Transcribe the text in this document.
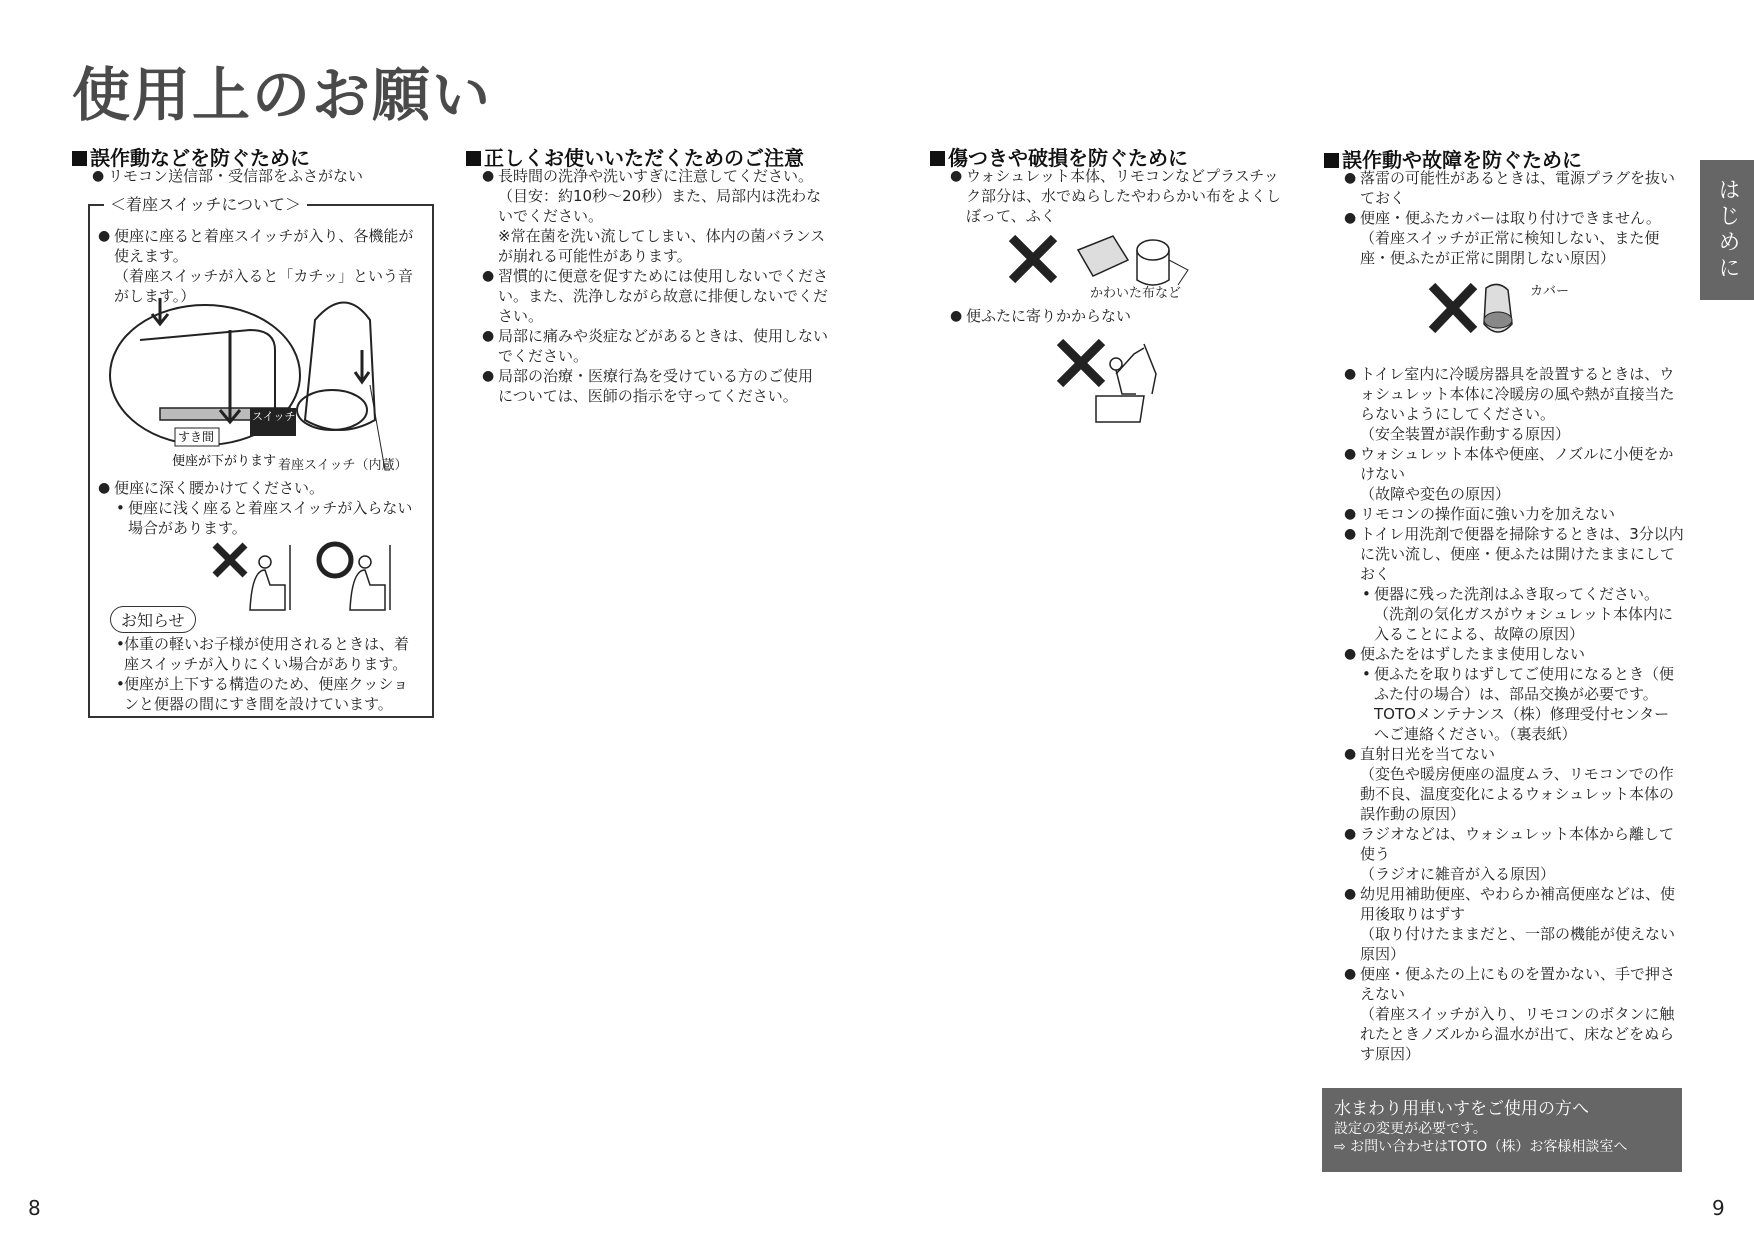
使用上のお願い
誤作動などを防ぐために

● リモコン送信部・受信部をふさがない

＜着座スイッチについて＞

● 便座に座ると着座スイッチが入り、各機能が使えます。

（着座スイッチが入ると「カチッ」という音がします。）

スイッチON
すき間
便座が下がります 着座スイッチ（内蔵）

● 便座に深く腰かけてください。

• 便座に浅く座ると着座スイッチが入らない場合があります。

お知らせ

• 体重の軽いお子様が使用されるときは、着座スイッチが入りにくい場合があります。

• 便座が上下する構造のため、便座クッションと便器の間にすき間を設けています。

正しくお使いいただくためのご注意

● 長時間の洗浄や洗いすぎに注意してください。

（目安：約10秒〜20秒）また、局部内は洗わないでください。

※常在菌を洗い流してしまい、体内の菌バランスが崩れる可能性があります。

● 習慣的に便意を促すためには使用しないでください。また、洗浄しながら故意に排便しないでください。

● 局部に痛みや炎症などがあるときは、使用しないでください。

● 局部の治療・医療行為を受けている方のご使用については、医師の指示を守ってください。

傷つきや破損を防ぐために

● ウォシュレット本体、リモコンなどプラスチック部分は、水でぬらしたやわらかい布をよくしぼって、ふく

かわいた布など

● 便ふたに寄りかからない

誤作動や故障を防ぐために

● 落雷の可能性があるときは、電源プラグを抜いておく

● 便座・便ふたカバーは取り付けできません。

（着座スイッチが正常に検知しない、また便座・便ふたが正常に開閉しない原因）

カバー

● トイレ室内に冷暖房器具を設置するときは、ウォシュレット本体に冷暖房の風や熱が直接当たらないようにしてください。

（安全装置が誤作動する原因）

● ウォシュレット本体や便座、ノズルに小便をかけない

（故障や変色の原因）

● リモコンの操作面に強い力を加えない

● トイレ用洗剤で便器を掃除するときは、3分以内に洗い流し、便座・便ふたは開けたままにしておく

• 便器に残った洗剤はふき取ってください。

（洗剤の気化ガスがウォシュレット本体内に入ることによる、故障の原因）

● 便ふたをはずしたまま使用しない

• 便ふたを取りはずしてご使用になるとき（便ふた付の場合）は、部品交換が必要です。TOTOメンテナンス（株）修理受付センターへご連絡ください。（裏表紙）

● 直射日光を当てない

（変色や暖房便座の温度ムラ、リモコンでの作動不良、温度変化によるウォシュレット本体の誤作動の原因）

● ラジオなどは、ウォシュレット本体から離して使う

（ラジオに雑音が入る原因）

● 幼児用補助便座、やわらか補高便座などは、使用後取りはずす

（取り付けたままだと、一部の機能が使えない原因）

● 便座・便ふたの上にものを置かない、手で押さえない

（着座スイッチが入り、リモコンのボタンに触れたときノズルから温水が出て、床などをぬらす原因）

はじめに
水まわり用車いすをご使用の方へ
設定の変更が必要です。
⇨ お問い合わせはTOTO（株）お客様相談室へ
8	9
